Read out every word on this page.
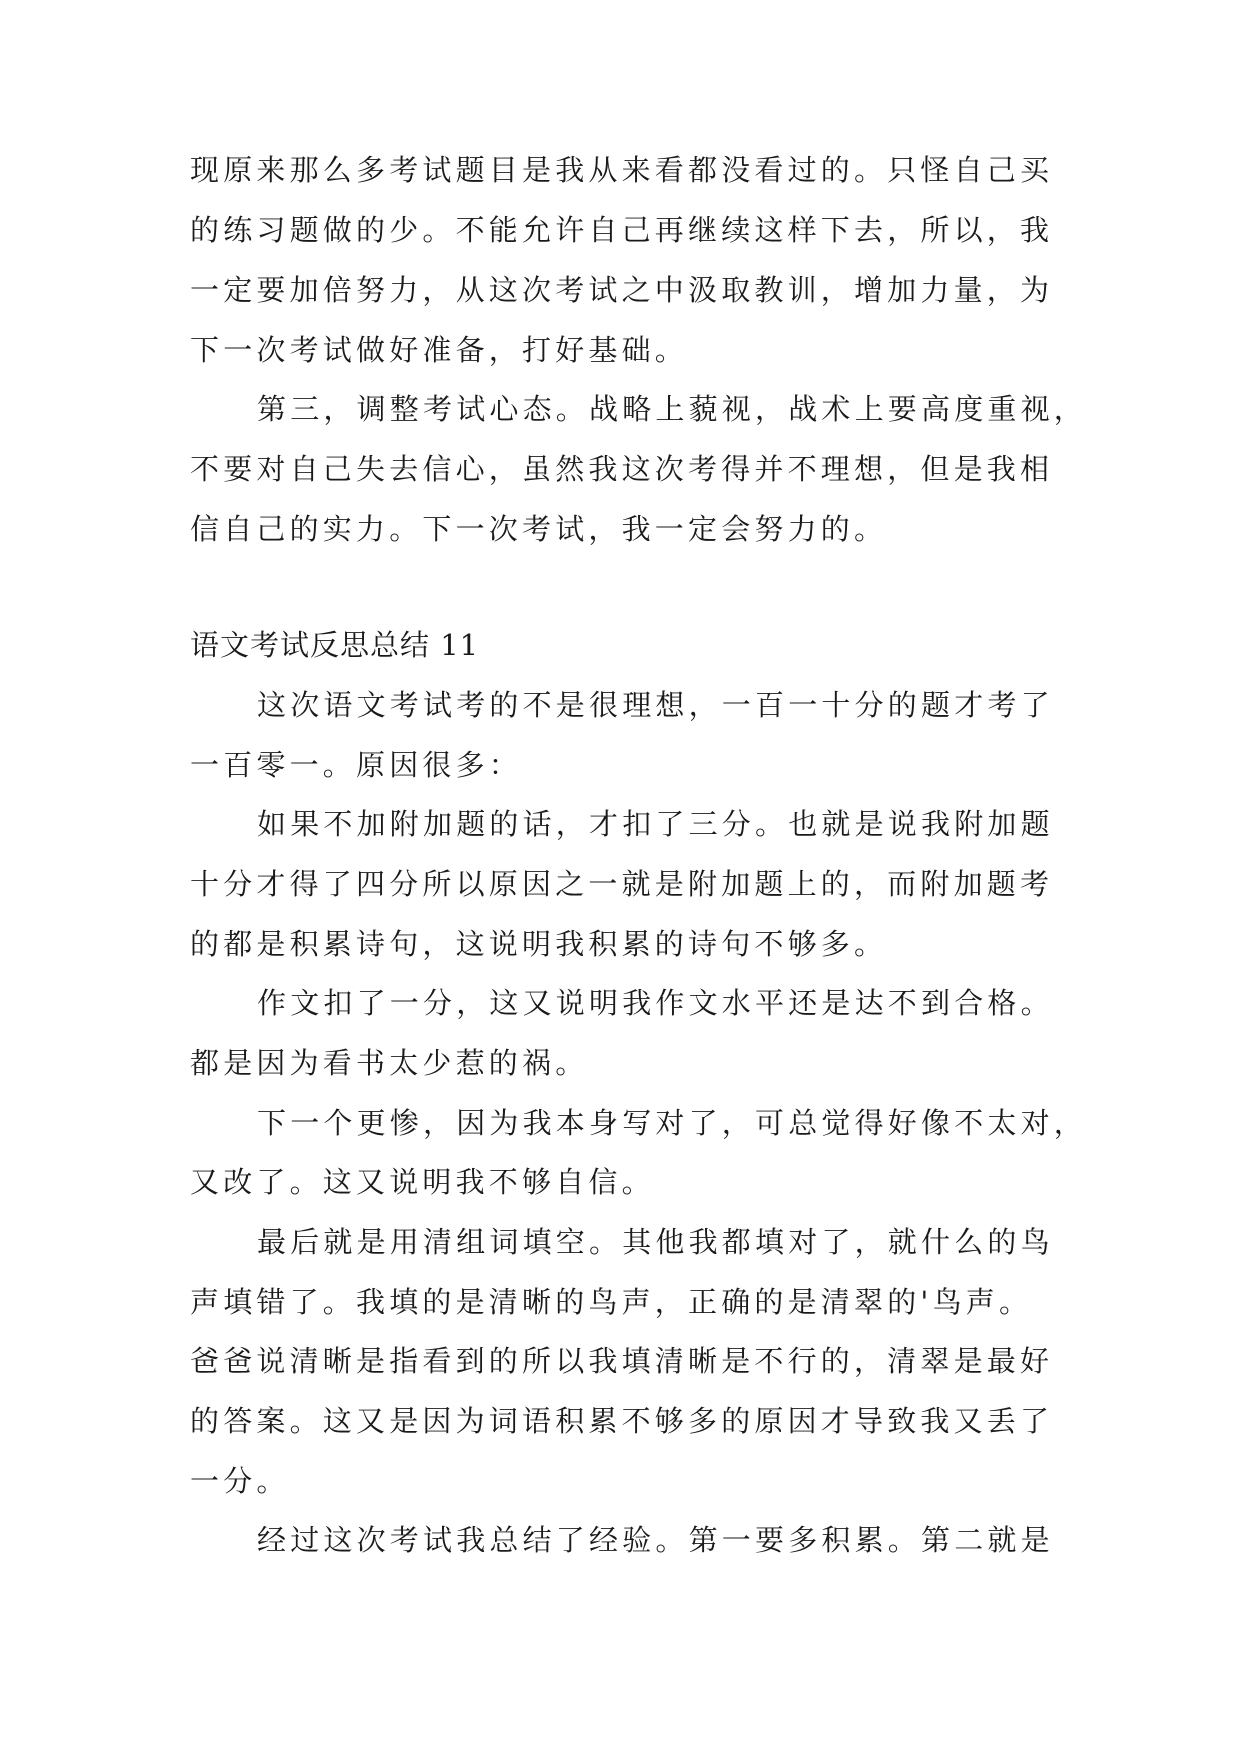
现原来那么多考试题目是我从来看都没看过的。只怪自己买
的练习题做的少。不能允许自己再继续这样下去，所以，我
一定要加倍努力，从这次考试之中汲取教训，增加力量，为
下一次考试做好准备，打好基础。
第三，调整考试心态。战略上藐视，战术上要高度重视，
不要对自己失去信心，虽然我这次考得并不理想，但是我相
信自己的实力。下一次考试，我一定会努力的。
语文考试反思总结 11
这次语文考试考的不是很理想，一百一十分的题才考了
一百零一。原因很多：
如果不加附加题的话，才扣了三分。也就是说我附加题
十分才得了四分所以原因之一就是附加题上的，而附加题考
的都是积累诗句，这说明我积累的诗句不够多。
作文扣了一分，这又说明我作文水平还是达不到合格。
都是因为看书太少惹的祸。
下一个更惨，因为我本身写对了，可总觉得好像不太对，
又改了。这又说明我不够自信。
最后就是用清组词填空。其他我都填对了，就什么的鸟
声填错了。我填的是清晰的鸟声，正确的是清翠的'鸟声。
爸爸说清晰是指看到的所以我填清晰是不行的，清翠是最好
的答案。这又是因为词语积累不够多的原因才导致我又丢了
一分。
经过这次考试我总结了经验。第一要多积累。第二就是
